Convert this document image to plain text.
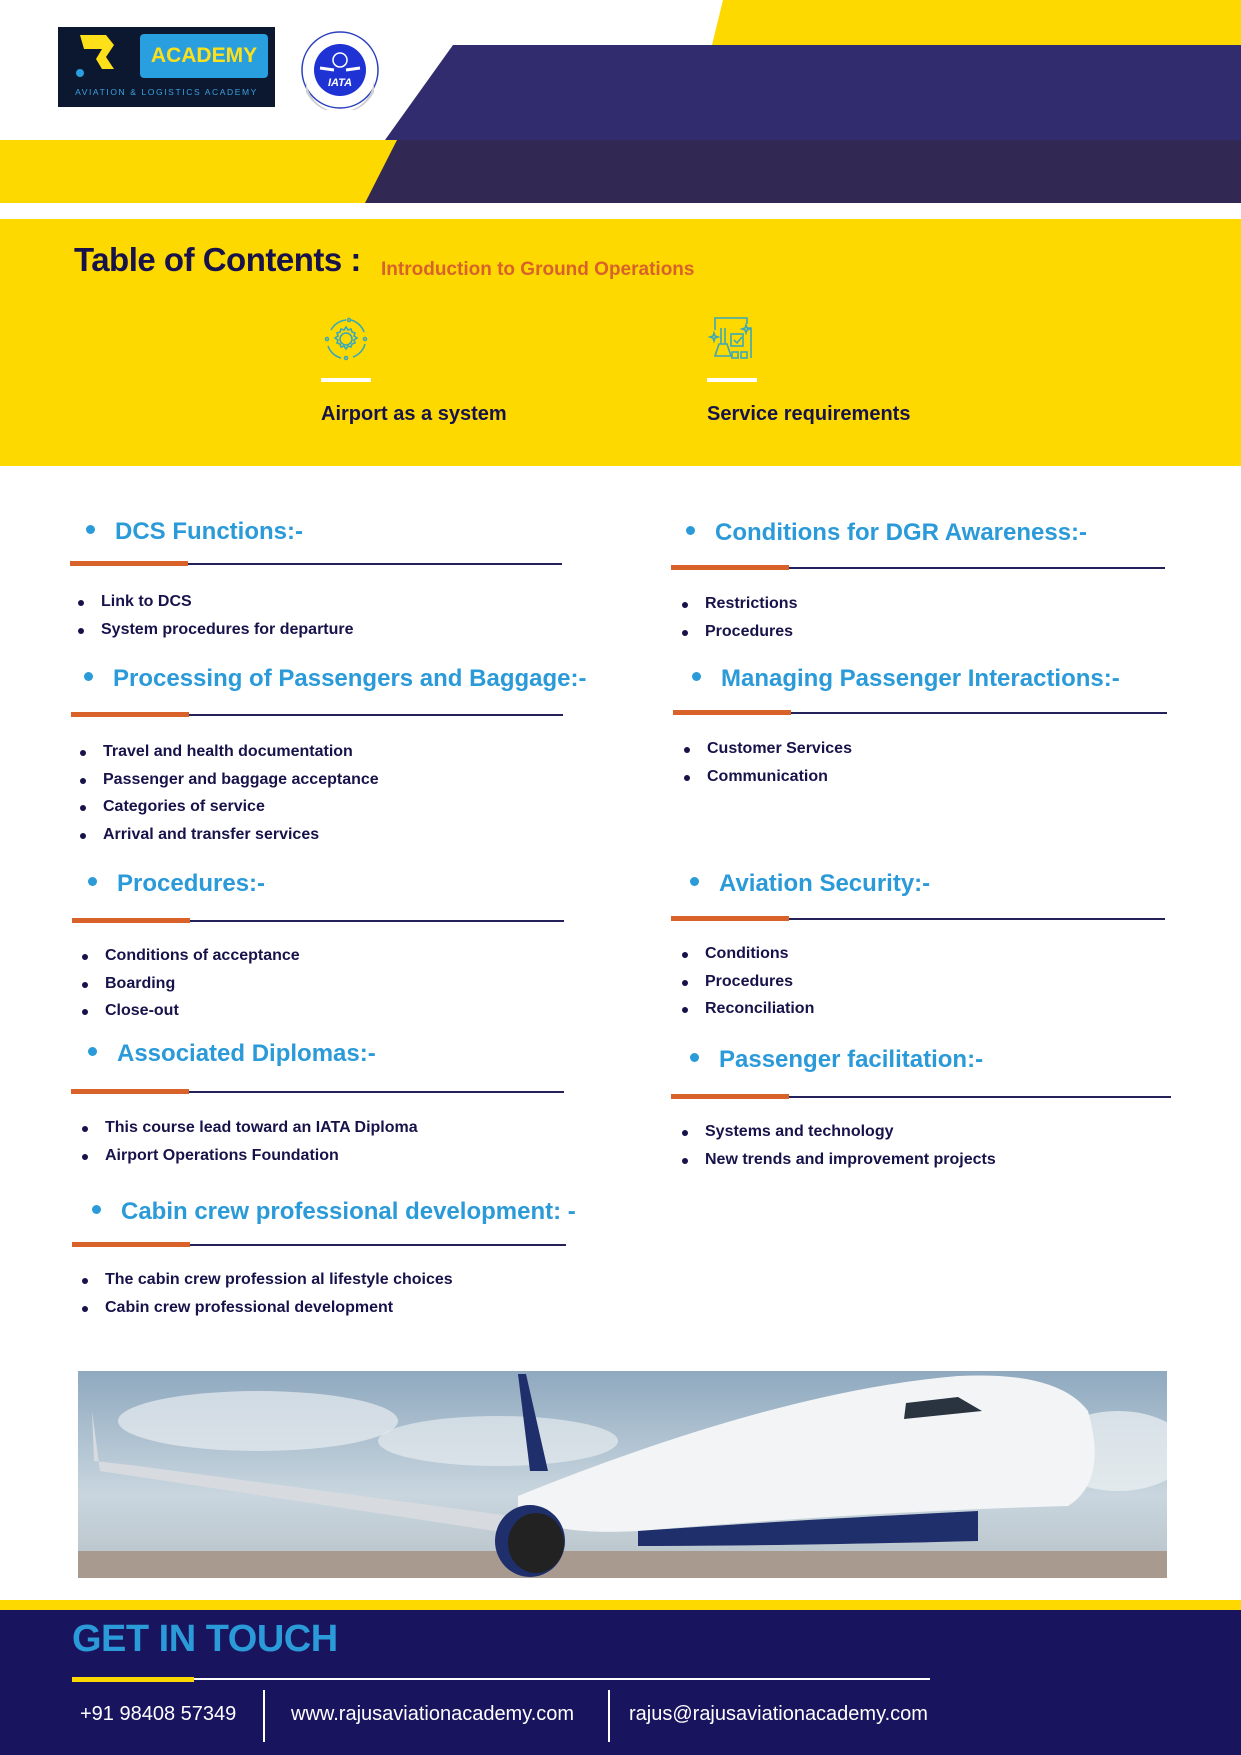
ACADEMY
AVIATION & LOGISTICS ACADEMY
IATA
Table of Contents : Introduction to Ground Operations
Airport as a system	Service requirements
DCS Functions:-
Link to DCS
System procedures for departure
Processing of Passengers and Baggage:-
Travel and health documentation
Passenger and baggage acceptance
Categories of service
Arrival and transfer services
Procedures:-
Conditions of acceptance
Boarding
Close-out
Associated Diplomas:-
This course lead toward an IATA Diploma
Airport Operations Foundation
Cabin crew professional development: -
The cabin crew profession al lifestyle choices
Cabin crew professional development
Conditions for DGR Awareness:-
Restrictions
Procedures
Managing Passenger Interactions:-
Customer Services
Communication
Aviation Security:-
Conditions
Procedures
Reconciliation
Passenger facilitation:-
Systems and technology
New trends and improvement projects
GET IN TOUCH
+91 98408 57349	www.rajusaviationacademy.com	rajus@rajusaviationacademy.com
